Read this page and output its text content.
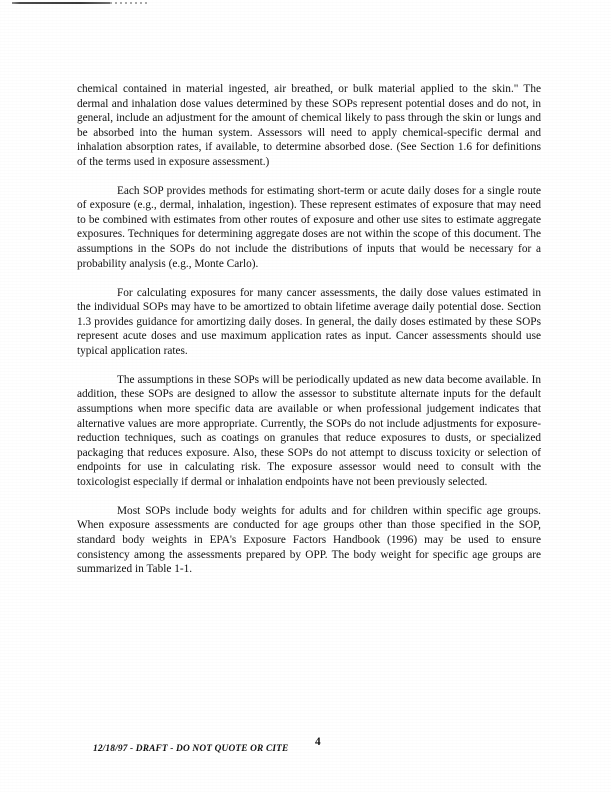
chemical contained in material ingested, air breathed, or bulk material applied to the skin." The dermal and inhalation dose values determined by these SOPs represent potential doses and do not, in general, include an adjustment for the amount of chemical likely to pass through the skin or lungs and be absorbed into the human system. Assessors will need to apply chemical-specific dermal and inhalation absorption rates, if available, to determine absorbed dose. (See Section 1.6 for definitions of the terms used in exposure assessment.)

Each SOP provides methods for estimating short-term or acute daily doses for a single route of exposure (e.g., dermal, inhalation, ingestion). These represent estimates of exposure that may need to be combined with estimates from other routes of exposure and other use sites to estimate aggregate exposures. Techniques for determining aggregate doses are not within the scope of this document. The assumptions in the SOPs do not include the distributions of inputs that would be necessary for a probability analysis (e.g., Monte Carlo).

For calculating exposures for many cancer assessments, the daily dose values estimated in the individual SOPs may have to be amortized to obtain lifetime average daily potential dose. Section 1.3 provides guidance for amortizing daily doses. In general, the daily doses estimated by these SOPs represent acute doses and use maximum application rates as input. Cancer assessments should use typical application rates.

The assumptions in these SOPs will be periodically updated as new data become available. In addition, these SOPs are designed to allow the assessor to substitute alternate inputs for the default assumptions when more specific data are available or when professional judgement indicates that alternative values are more appropriate. Currently, the SOPs do not include adjustments for exposure-reduction techniques, such as coatings on granules that reduce exposures to dusts, or specialized packaging that reduces exposure. Also, these SOPs do not attempt to discuss toxicity or selection of endpoints for use in calculating risk. The exposure assessor would need to consult with the toxicologist especially if dermal or inhalation endpoints have not been previously selected.

Most SOPs include body weights for adults and for children within specific age groups. When exposure assessments are conducted for age groups other than those specified in the SOP, standard body weights in EPA's Exposure Factors Handbook (1996) may be used to ensure consistency among the assessments prepared by OPP. The body weight for specific age groups are summarized in Table 1-1.

12/18/97 - DRAFT - DO NOT QUOTE OR CITE
4
